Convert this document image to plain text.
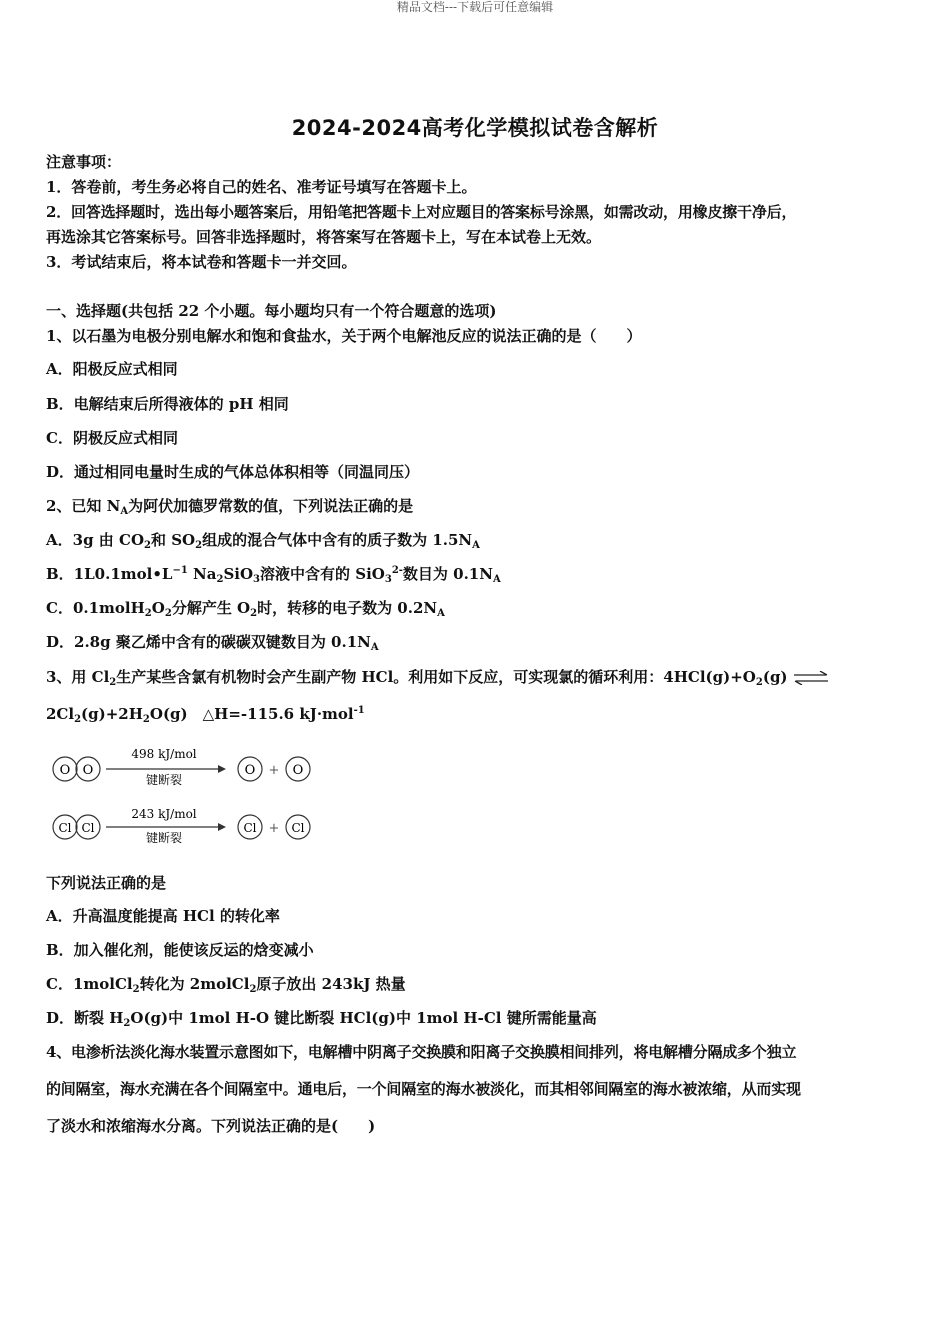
精品文档---下载后可任意编辑
2024-2024高考化学模拟试卷含解析
注意事项：
1．答卷前，考生务必将自己的姓名、准考证号填写在答题卡上。
2．回答选择题时，选出每小题答案后，用铅笔把答题卡上对应题目的答案标号涂黑，如需改动，用橡皮擦干净后，
再选涂其它答案标号。回答非选择题时，将答案写在答题卡上，写在本试卷上无效。
3．考试结束后，将本试卷和答题卡一并交回。
一、选择题(共包括 22 个小题。每小题均只有一个符合题意的选项)
1、以石墨为电极分别电解水和饱和食盐水，关于两个电解池反应的说法正确的是（　　）
A．阳极反应式相同
B．电解结束后所得液体的 pH 相同
C．阴极反应式相同
D．通过相同电量时生成的气体总体积相等（同温同压）
2、已知 $N_A$为阿伏加德罗常数的值，下列说法正确的是
A．3g 由 $CO_2$和 $SO_2$组成的混合气体中含有的质子数为 $1.5N_A$
B．$1L0.1mol•L^{-1}$ $Na_2SiO_3$溶液中含有的 SiO$_3^{2-}$数目为 $0.1N_A$
C．$0.1molH_2O_2$分解产生 $O_2$时，转移的电子数为 $0.2N_A$
D．2.8g 聚乙烯中含有的碳碳双键数目为 $0.1N_A$
3、用 $Cl_2$生产某些含氯有机物时会产生副产物 HCl。利用如下反应，可实现氯的循环利用：$4HCl(g)+O_2(g)$ ⇌
$2Cl_2(g)+2H_2O(g)$　△H=-115.6 kJ·mol$^{-1}$
O O
498 kJ/mol
键断裂
O + O
Cl Cl
243 kJ/mol
键断裂
Cl + Cl
下列说法正确的是
A．升高温度能提高 HCl 的转化率
B．加入催化剂，能使该反运的焓变减小
C．1molCl$_2$转化为 2molCl$_2$原子放出 243kJ 热量
D．断裂 $H_2O(g)$中 1mol H-O 键比断裂 HCl(g)中 1mol H-Cl 键所需能量高
4、电渗析法淡化海水装置示意图如下，电解槽中阴离子交换膜和阳离子交换膜相间排列，将电解槽分隔成多个独立
的间隔室，海水充满在各个间隔室中。通电后，一个间隔室的海水被淡化，而其相邻间隔室的海水被浓缩，从而实现
了淡水和浓缩海水分离。下列说法正确的是(　　)
